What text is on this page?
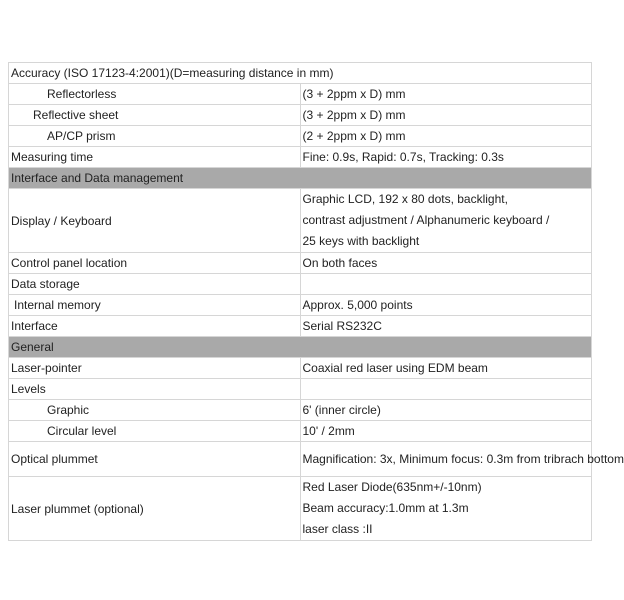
Accuracy (ISO 17123-4:2001)(D=measuring distance in mm)	
Reflectorless	(3 + 2ppm x D) mm
Reflective sheet	(3 + 2ppm x D) mm
AP/CP prism	(2 + 2ppm x D) mm
Measuring time	Fine: 0.9s, Rapid: 0.7s, Tracking: 0.3s
Interface and Data management	
Display / Keyboard	Graphic LCD, 192 x 80 dots, backlight,
contrast adjustment / Alphanumeric keyboard /
25 keys with backlight

Control panel location	On both faces
Data storage	
Internal memory	Approx. 5,000 points
Interface	Serial RS232C
General	
Laser-pointer	Coaxial red laser using EDM beam
Levels	
Graphic	6' (inner circle)
Circular level	10' / 2mm
Optical plummet	Magnification: 3x, Minimum focus: 0.3m from tribrach bottom
Laser plummet (optional)	Red Laser Diode(635nm+/-10nm)
Beam accuracy:1.0mm at 1.3m
laser class :II
